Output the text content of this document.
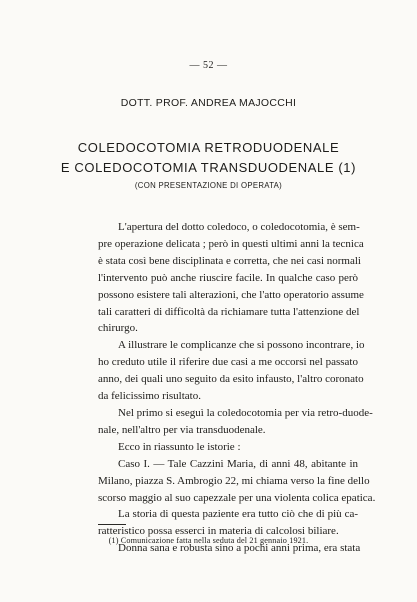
— 52 —
DOTT. PROF. ANDREA MAJOCCHI
COLEDOCOTOMIA RETRODUODENALE
E COLEDOCOTOMIA TRANSDUODENALE (1)
(CON PRESENTAZIONE DI OPERATA)

L'apertura del dotto coledoco, o coledocotomia, è sem-

pre operazione delicata ; però in questi ultimi anni la tecnica

è stata così bene disciplinata e corretta, che nei casi normali

l'intervento può anche riuscire facile. In qualche caso però

possono esistere tali alterazioni, che l'atto operatorio assume

tali caratteri di difficoltà da richiamare tutta l'attenzione del

chirurgo.

A illustrare le complicanze che si possono incontrare, io

ho creduto utile il riferire due casi a me occorsi nel passato

anno, dei quali uno seguito da esito infausto, l'altro coronato

da felicissimo risultato.

Nel primo si eseguì la coledocotomia per via retro-duode-

nale, nell'altro per via transduodenale.

Ecco in riassunto le istorie :

Caso I. — Tale Cazzini Maria, di anni 48, abitante in

Milano, piazza S. Ambrogio 22, mi chiama verso la fine dello

scorso maggio al suo capezzale per una violenta colica epatica.

La storia di questa paziente era tutto ciò che di più ca-

ratteristico possa esserci in materia di calcolosi biliare.

Donna sana e robusta sino a pochi anni prima, era stata

(1) Comunicazione fatta nella seduta del 21 gennaio 1921.
